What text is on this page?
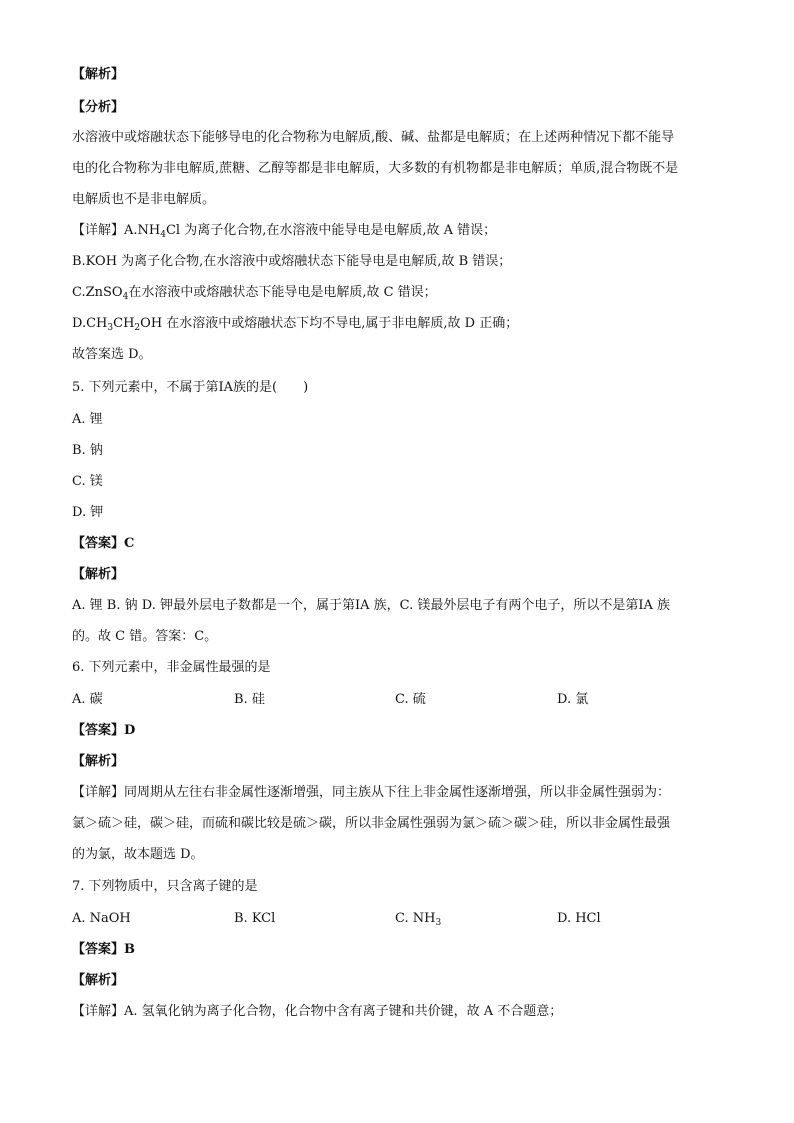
【解析】

【分析】

水溶液中或熔融状态下能够导电的化合物称为电解质,酸、碱、盐都是电解质；在上述两种情况下都不能导

电的化合物称为非电解质,蔗糖、乙醇等都是非电解质，大多数的有机物都是非电解质；单质,混合物既不是

电解质也不是非电解质。

【详解】$A.NH_4Cl$ 为离子化合物,在水溶液中能导电是电解质,故 A 错误；

B.KOH 为离子化合物,在水溶液中或熔融状态下能导电是电解质,故 B 错误；

C.ZnSO$_4$在水溶液中或熔融状态下能导电是电解质,故 C 错误；

$D.CH_3CH_2OH$ 在水溶液中或熔融状态下均不导电,属于非电解质,故 D 正确；

故答案选 D。

5. 下列元素中，不属于第ⅠA族的是(　　)

A. 锂

B. 钠

C. 镁

D. 钾

【答案】C

【解析】

A. 锂 B. 钠 D. 钾最外层电子数都是一个，属于第ⅠA 族，C. 镁最外层电子有两个电子，所以不是第ⅠA 族

的。故 C 错。答案：C。

6. 下列元素中，非金属性最强的是

A. 碳	B. 硅	C. 硫	D. 氯

【答案】D

【解析】

【详解】同周期从左往右非金属性逐渐增强，同主族从下往上非金属性逐渐增强，所以非金属性强弱为：

氯＞硫＞硅，碳＞硅，而硫和碳比较是硫＞碳，所以非金属性强弱为氯＞硫＞碳＞硅，所以非金属性最强

的为氯，故本题选 D。

7. 下列物质中，只含离子键的是

A. NaOH	B. KCl	C. $NH_3$	D. HCl

【答案】B

【解析】

【详解】A. 氢氧化钠为离子化合物，化合物中含有离子键和共价键，故 A 不合题意；
